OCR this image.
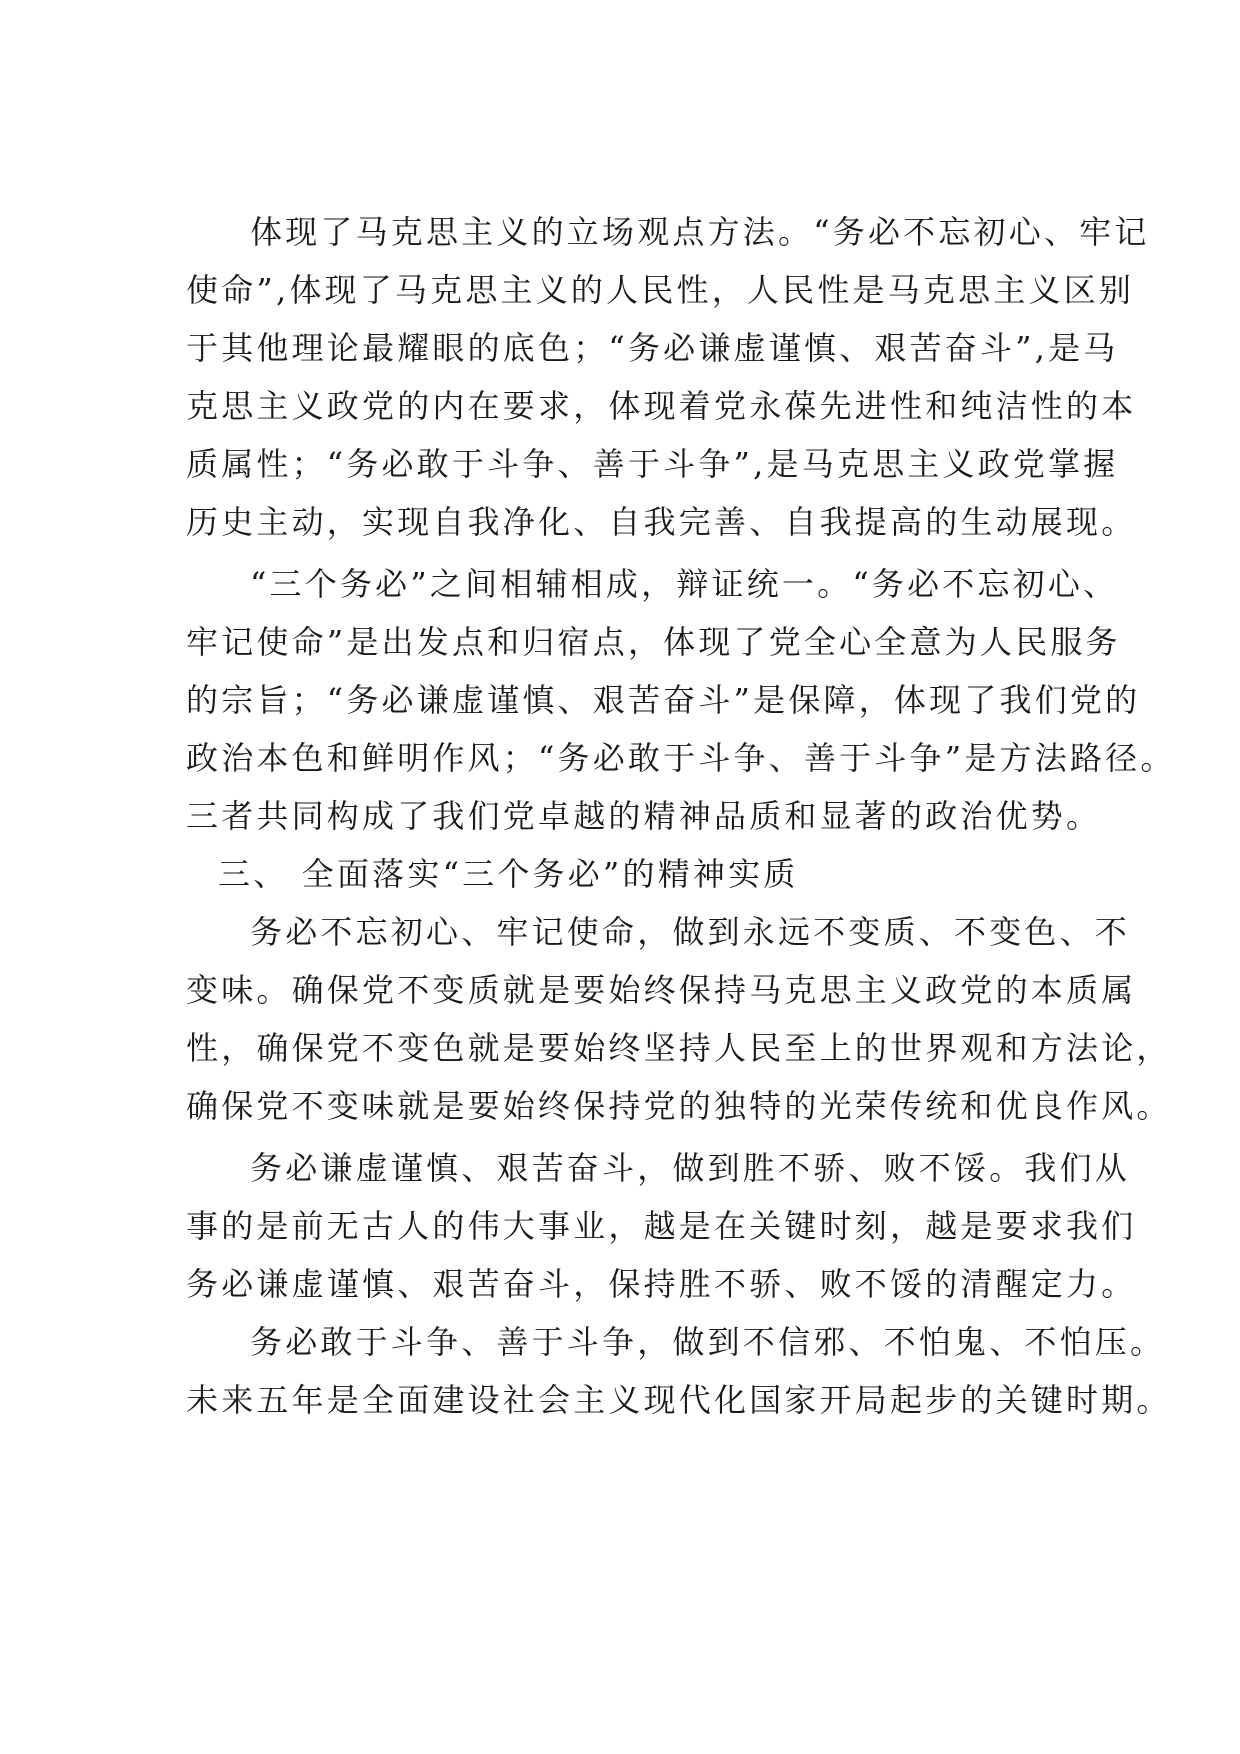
体现了马克思主义的立场观点方法。“务必不忘初心、牢记
使命”,体现了马克思主义的人民性，人民性是马克思主义区别
于其他理论最耀眼的底色；“务必谦虚谨慎、艰苦奋斗”,是马
克思主义政党的内在要求，体现着党永葆先进性和纯洁性的本
质属性；“务必敢于斗争、善于斗争”,是马克思主义政党掌握
历史主动，实现自我净化、自我完善、自我提高的生动展现。
“三个务必”之间相辅相成，辩证统一。“务必不忘初心、
牢记使命”是出发点和归宿点，体现了党全心全意为人民服务
的宗旨；“务必谦虚谨慎、艰苦奋斗”是保障，体现了我们党的
政治本色和鲜明作风；“务必敢于斗争、善于斗争”是方法路径。
三者共同构成了我们党卓越的精神品质和显著的政治优势。
三、 全面落实“三个务必”的精神实质
务必不忘初心、牢记使命，做到永远不变质、不变色、不
变味。确保党不变质就是要始终保持马克思主义政党的本质属
性，确保党不变色就是要始终坚持人民至上的世界观和方法论，
确保党不变味就是要始终保持党的独特的光荣传统和优良作风。
务必谦虚谨慎、艰苦奋斗，做到胜不骄、败不馁。我们从
事的是前无古人的伟大事业，越是在关键时刻，越是要求我们
务必谦虚谨慎、艰苦奋斗，保持胜不骄、败不馁的清醒定力。
务必敢于斗争、善于斗争，做到不信邪、不怕鬼、不怕压。
未来五年是全面建设社会主义现代化国家开局起步的关键时期。
